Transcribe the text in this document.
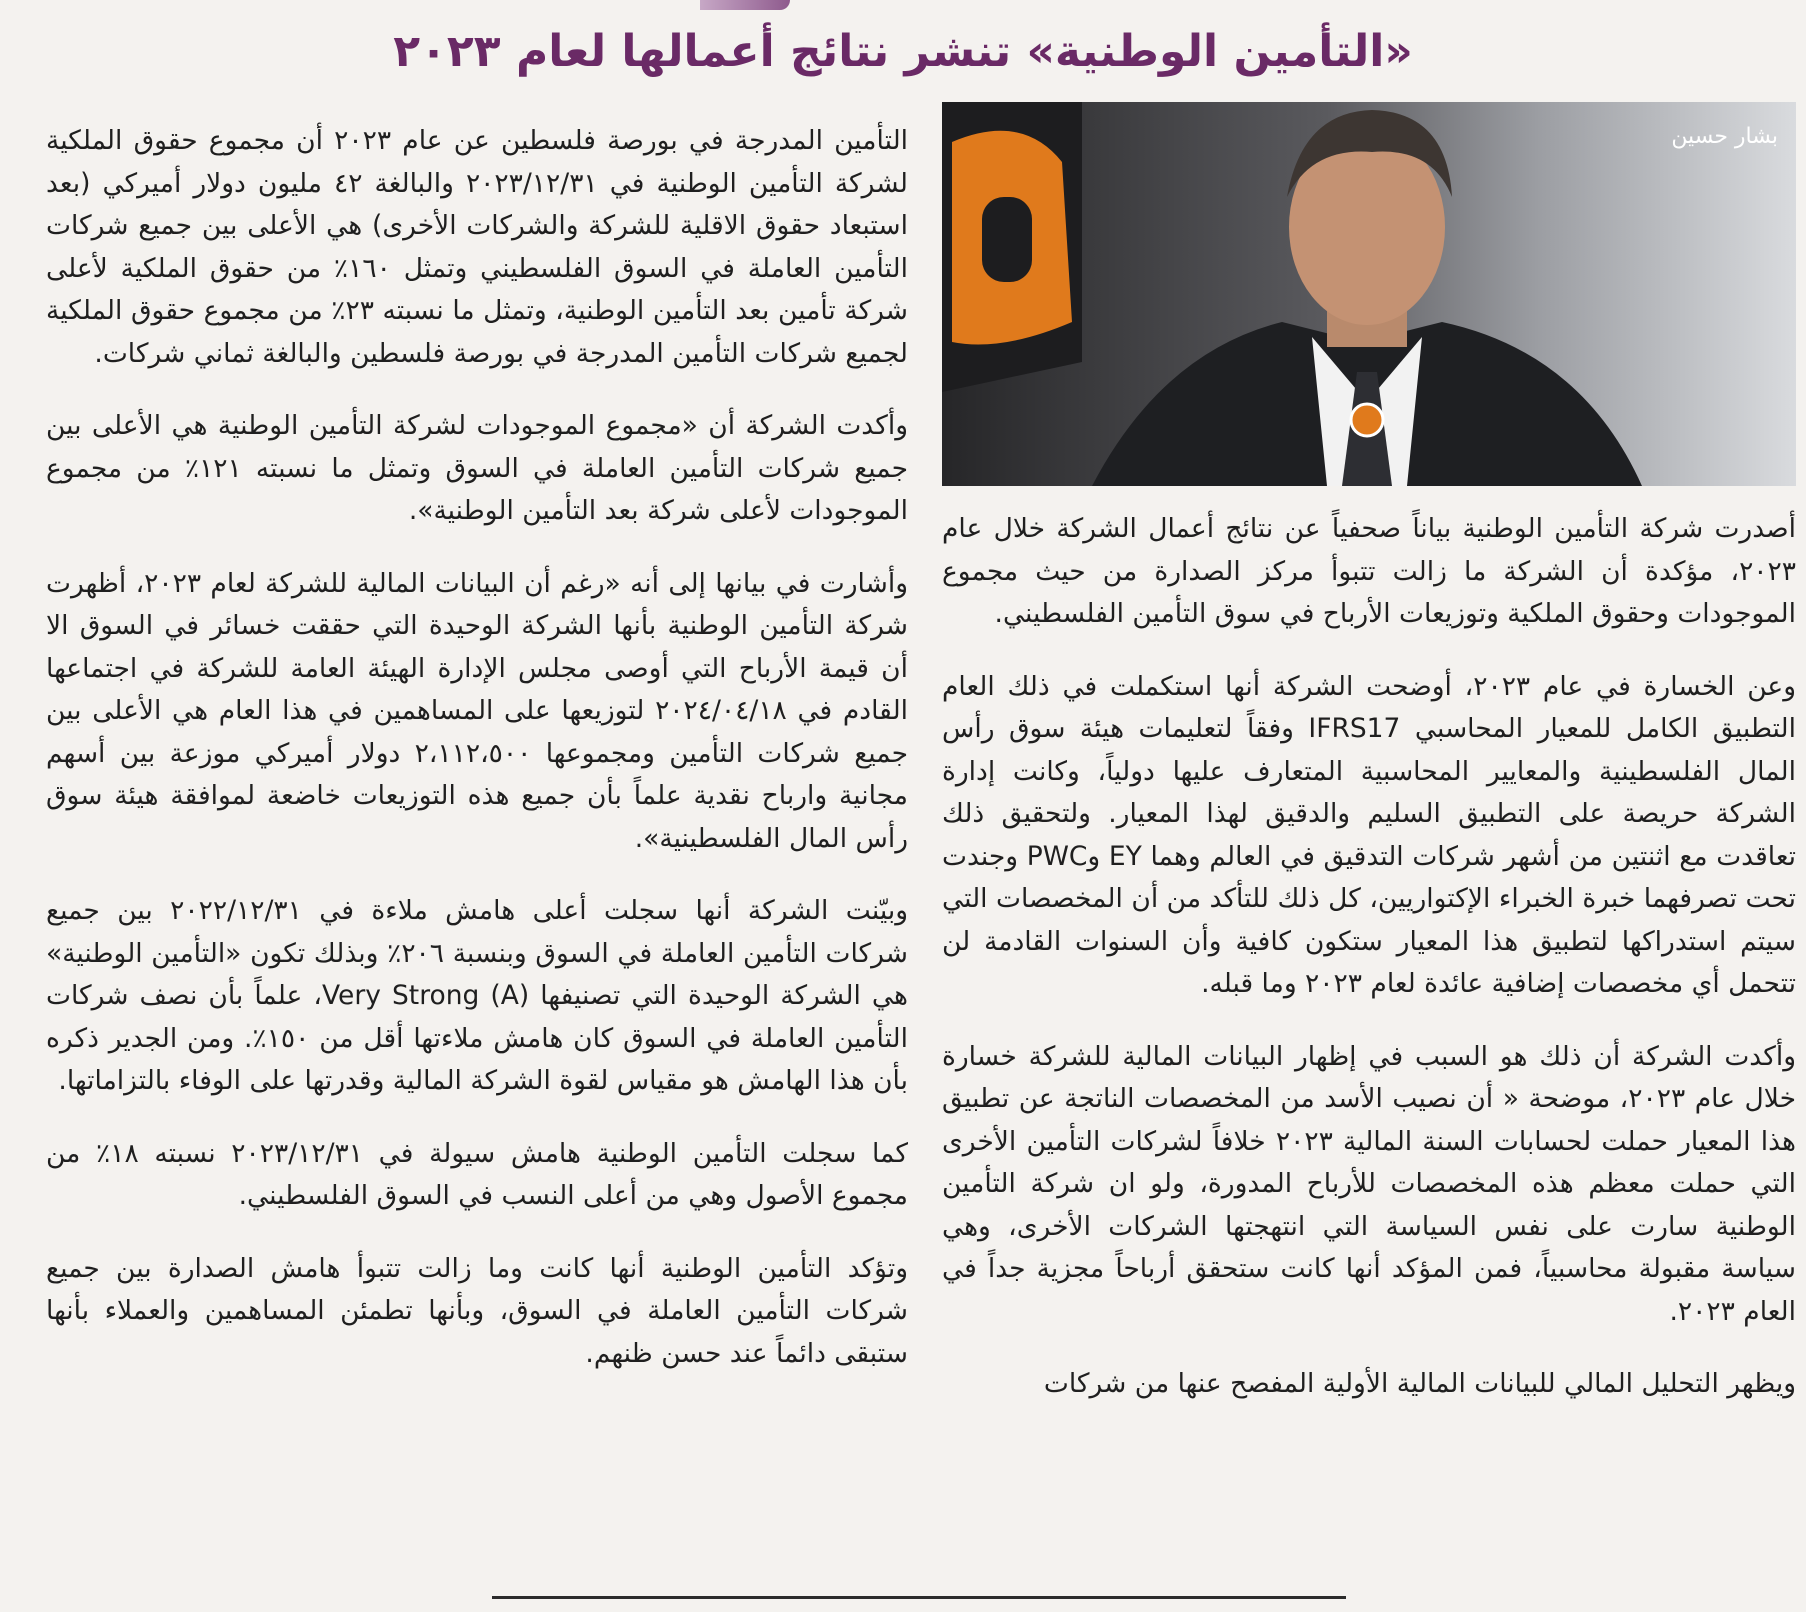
«التأمين الوطنية» تنشر نتائج أعمالها لعام ٢٠٢٣
بشار حسين

أصدرت شركة التأمين الوطنية بياناً صحفياً عن نتائج أعمال الشركة خلال عام ٢٠٢٣، مؤكدة أن الشركة ما زالت تتبوأ مركز الصدارة من حيث مجموع الموجودات وحقوق الملكية وتوزيعات الأرباح في سوق التأمين الفلسطيني.

وعن الخسارة في عام ٢٠٢٣، أوضحت الشركة أنها استكملت في ذلك العام التطبيق الكامل للمعيار المحاسبي IFRS17 وفقاً لتعليمات هيئة سوق رأس المال الفلسطينية والمعايير المحاسبية المتعارف عليها دولياً، وكانت إدارة الشركة حريصة على التطبيق السليم والدقيق لهذا المعيار. ولتحقيق ذلك تعاقدت مع اثنتين من أشهر شركات التدقيق في العالم وهما EY وPWC وجندت تحت تصرفهما خبرة الخبراء الإكتواريين، كل ذلك للتأكد من أن المخصصات التي سيتم استدراكها لتطبيق هذا المعيار ستكون كافية وأن السنوات القادمة لن تتحمل أي مخصصات إضافية عائدة لعام ٢٠٢٣ وما قبله.

وأكدت الشركة أن ذلك هو السبب في إظهار البيانات المالية للشركة خسارة خلال عام ٢٠٢٣، موضحة « أن نصيب الأسد من المخصصات الناتجة عن تطبيق هذا المعيار حملت لحسابات السنة المالية ٢٠٢٣ خلافاً لشركات التأمين الأخرى التي حملت معظم هذه المخصصات للأرباح المدورة، ولو ان شركة التأمين الوطنية سارت على نفس السياسة التي انتهجتها الشركات الأخرى، وهي سياسة مقبولة محاسبياً، فمن المؤكد أنها كانت ستحقق أرباحاً مجزية جداً في العام ٢٠٢٣.

ويظهر التحليل المالي للبيانات المالية الأولية المفصح عنها من شركات

التأمين المدرجة في بورصة فلسطين عن عام ٢٠٢٣ أن مجموع حقوق الملكية لشركة التأمين الوطنية في ٢٠٢٣/١٢/٣١ والبالغة ٤٢ مليون دولار أميركي (بعد استبعاد حقوق الاقلية للشركة والشركات الأخرى) هي الأعلى بين جميع شركات التأمين العاملة في السوق الفلسطيني وتمثل ١٦٠٪ من حقوق الملكية لأعلى شركة تأمين بعد التأمين الوطنية، وتمثل ما نسبته ٢٣٪ من مجموع حقوق الملكية لجميع شركات التأمين المدرجة في بورصة فلسطين والبالغة ثماني شركات.

وأكدت الشركة أن «مجموع الموجودات لشركة التأمين الوطنية هي الأعلى بين جميع شركات التأمين العاملة في السوق وتمثل ما نسبته ١٢١٪ من مجموع الموجودات لأعلى شركة بعد التأمين الوطنية».

وأشارت في بيانها إلى أنه «رغم أن البيانات المالية للشركة لعام ٢٠٢٣، أظهرت شركة التأمين الوطنية بأنها الشركة الوحيدة التي حققت خسائر في السوق الا أن قيمة الأرباح التي أوصى مجلس الإدارة الهيئة العامة للشركة في اجتماعها القادم في ٢٠٢٤/٠٤/١٨ لتوزيعها على المساهمين في هذا العام هي الأعلى بين جميع شركات التأمين ومجموعها ٢،١١٢،٥٠٠ دولار أميركي موزعة بين أسهم مجانية وارباح نقدية علماً بأن جميع هذه التوزيعات خاضعة لموافقة هيئة سوق رأس المال الفلسطينية».

وبيّنت الشركة أنها سجلت أعلى هامش ملاءة في ٢٠٢٢/١٢/٣١ بين جميع شركات التأمين العاملة في السوق وبنسبة ٢٠٦٪ وبذلك تكون «التأمين الوطنية» هي الشركة الوحيدة التي تصنيفها Very Strong (A)، علماً بأن نصف شركات التأمين العاملة في السوق كان هامش ملاءتها أقل من ١٥٠٪. ومن الجدير ذكره بأن هذا الهامش هو مقياس لقوة الشركة المالية وقدرتها على الوفاء بالتزاماتها.

كما سجلت التأمين الوطنية هامش سيولة في ٢٠٢٣/١٢/٣١ نسبته ١٨٪ من مجموع الأصول وهي من أعلى النسب في السوق الفلسطيني.

وتؤكد التأمين الوطنية أنها كانت وما زالت تتبوأ هامش الصدارة بين جميع شركات التأمين العاملة في السوق، وبأنها تطمئن المساهمين والعملاء بأنها ستبقى دائماً عند حسن ظنهم.
